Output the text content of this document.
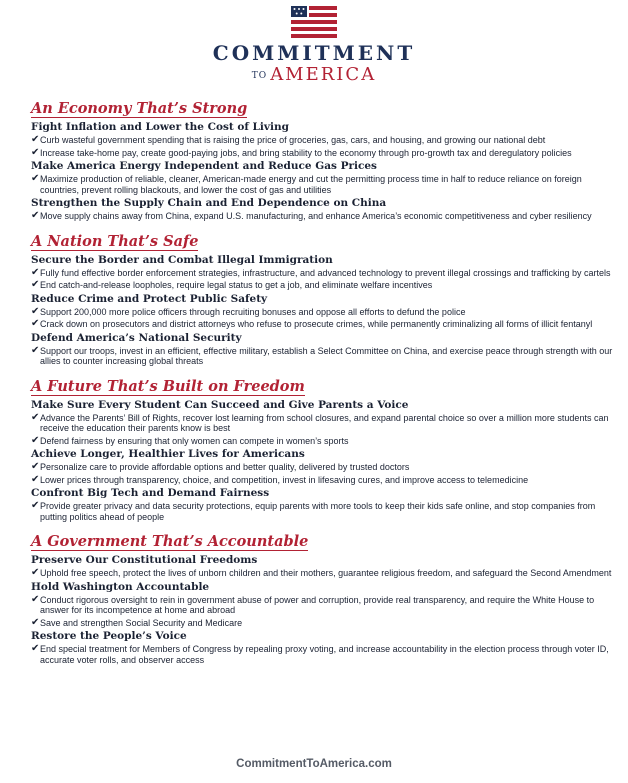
COMMITMENT
TO AMERICA
An Economy That’s Strong
Fight Inflation and Lower the Cost of Living
✔ Curb wasteful government spending that is raising the price of groceries, gas, cars, and housing, and growing our national debt
✔ Increase take-home pay, create good-paying jobs, and bring stability to the economy through pro-growth tax and deregulatory policies
Make America Energy Independent and Reduce Gas Prices
✔ Maximize production of reliable, cleaner, American-made energy and cut the permitting process time in half to reduce reliance on foreign countries, prevent rolling blackouts, and lower the cost of gas and utilities
Strengthen the Supply Chain and End Dependence on China
✔ Move supply chains away from China, expand U.S. manufacturing, and enhance America’s economic competitiveness and cyber resiliency
A Nation That’s Safe
Secure the Border and Combat Illegal Immigration
✔ Fully fund effective border enforcement strategies, infrastructure, and advanced technology to prevent illegal crossings and trafficking by cartels
✔ End catch-and-release loopholes, require legal status to get a job, and eliminate welfare incentives
Reduce Crime and Protect Public Safety
✔ Support 200,000 more police officers through recruiting bonuses and oppose all efforts to defund the police
✔ Crack down on prosecutors and district attorneys who refuse to prosecute crimes, while permanently criminalizing all forms of illicit fentanyl
Defend America’s National Security
✔ Support our troops, invest in an efficient, effective military, establish a Select Committee on China, and exercise peace through strength with our allies to counter increasing global threats
A Future That’s Built on Freedom
Make Sure Every Student Can Succeed and Give Parents a Voice
✔ Advance the Parents’ Bill of Rights, recover lost learning from school closures, and expand parental choice so over a million more students can receive the education their parents know is best
✔ Defend fairness by ensuring that only women can compete in women’s sports
Achieve Longer, Healthier Lives for Americans
✔ Personalize care to provide affordable options and better quality, delivered by trusted doctors
✔ Lower prices through transparency, choice, and competition, invest in lifesaving cures, and improve access to telemedicine
Confront Big Tech and Demand Fairness
✔ Provide greater privacy and data security protections, equip parents with more tools to keep their kids safe online, and stop companies from putting politics ahead of people
A Government That’s Accountable
Preserve Our Constitutional Freedoms
✔ Uphold free speech, protect the lives of unborn children and their mothers, guarantee religious freedom, and safeguard the Second Amendment
Hold Washington Accountable
✔ Conduct rigorous oversight to rein in government abuse of power and corruption, provide real transparency, and require the White House to answer for its incompetence at home and abroad
✔ Save and strengthen Social Security and Medicare
Restore the People’s Voice
✔ End special treatment for Members of Congress by repealing proxy voting, and increase accountability in the election process through voter ID, accurate voter rolls, and observer access
CommitmentToAmerica.com
